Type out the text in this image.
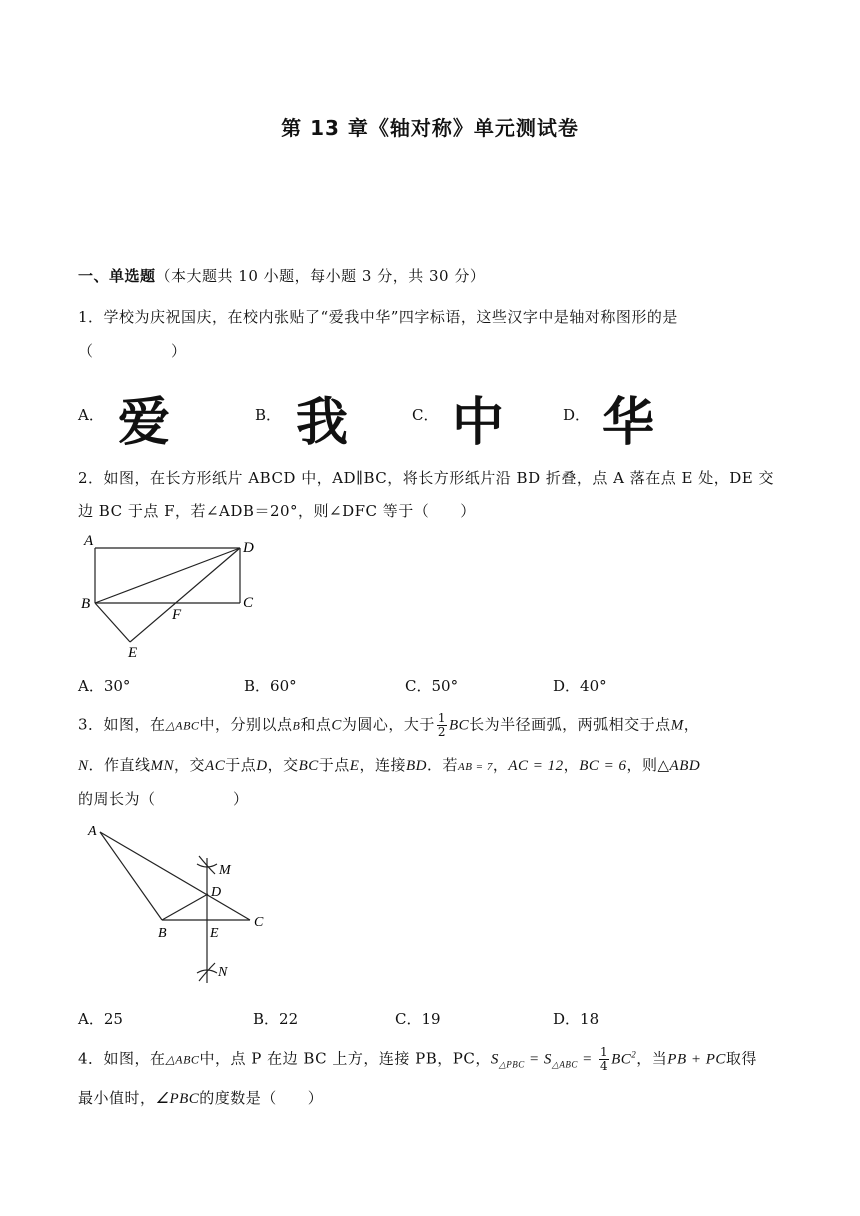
第 13 章《轴对称》单元测试卷
一、单选题（本大题共 10 小题，每小题 3 分，共 30 分）
1．学校为庆祝国庆，在校内张贴了“爱我中华”四字标语，这些汉字中是轴对称图形的是
（　　　　　）
A． 爱	B． 我	C． 中	D． 华
2．如图，在长方形纸片 ABCD 中，AD∥BC，将长方形纸片沿 BD 折叠，点 A 落在点 E 处，DE 交
边 BC 于点 F，若∠ADB＝20°，则∠DFC 等于（　　）
A	D
B	C
F
E
A．30°	B．60°	C．50°	D．40°
3．如图，在△ABC中，分别以点B和点C为圆心，大于 $\frac{1}{2}$ BC长为半径画弧，两弧相交于点M，
N．作直线MN，交AC于点D，交BC于点E，连接BD．若AB = 7，AC = 12，BC = 6，则△ABD
的周长为（　　　　　）
A
M
D
B	E
C
N
A．25	B．22	C．19	D．18
4．如图，在△ABC中，点 P 在边 BC 上方，连接 PB，PC，$S_{\triangle PBC} = S_{\triangle ABC} = \frac{1}{4} BC^2$，当PB + PC取得
最小值时，∠PBC的度数是（　　）
